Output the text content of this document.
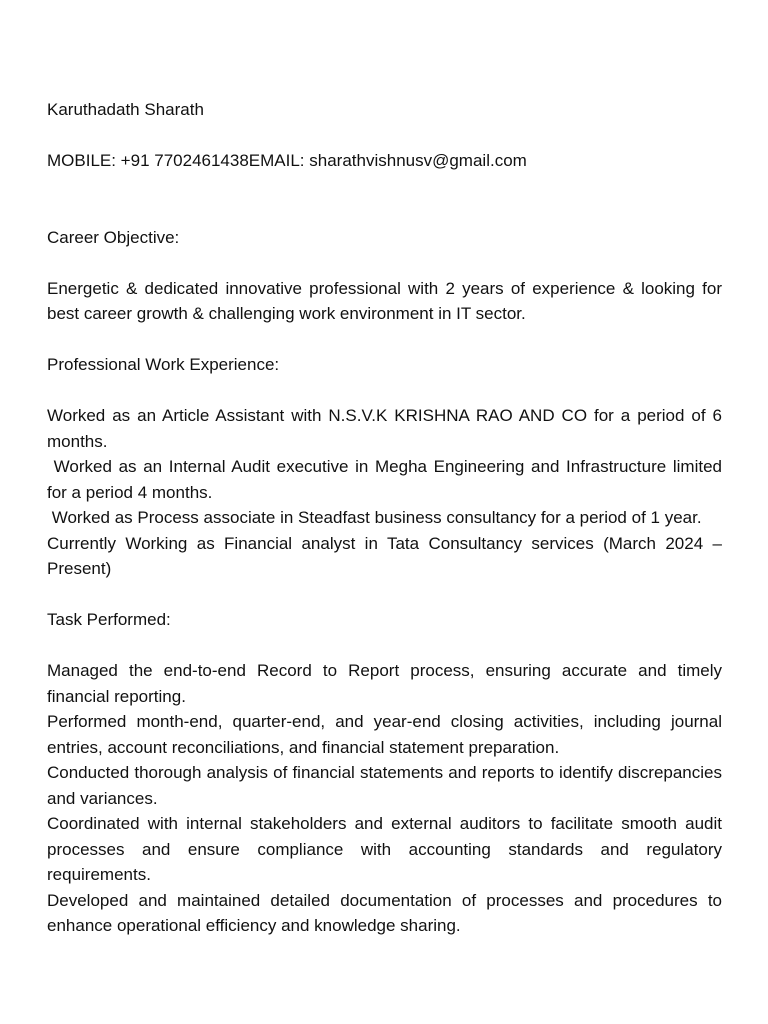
Karuthadath Sharath

MOBILE: +91 7702461438EMAIL: sharathvishnusv@gmail.com

Career Objective:

Energetic & dedicated innovative professional with 2 years of experience & looking for best career growth & challenging work environment in IT sector.

Professional Work Experience:

Worked as an Article Assistant with N.S.V.K KRISHNA RAO AND CO for a period of 6 months.

Worked as an Internal Audit executive in Megha Engineering and Infrastructure limited for a period 4 months.

Worked as Process associate in Steadfast business consultancy for a period of 1 year.

Currently Working as Financial analyst in Tata Consultancy services (March 2024 – Present)

Task Performed:

Managed the end-to-end Record to Report process, ensuring accurate and timely financial reporting.

Performed month-end, quarter-end, and year-end closing activities, including journal entries, account reconciliations, and financial statement preparation.

Conducted thorough analysis of financial statements and reports to identify discrepancies and variances.

Coordinated with internal stakeholders and external auditors to facilitate smooth audit processes and ensure compliance with accounting standards and regulatory requirements.

Developed and maintained detailed documentation of processes and procedures to enhance operational efficiency and knowledge sharing.
